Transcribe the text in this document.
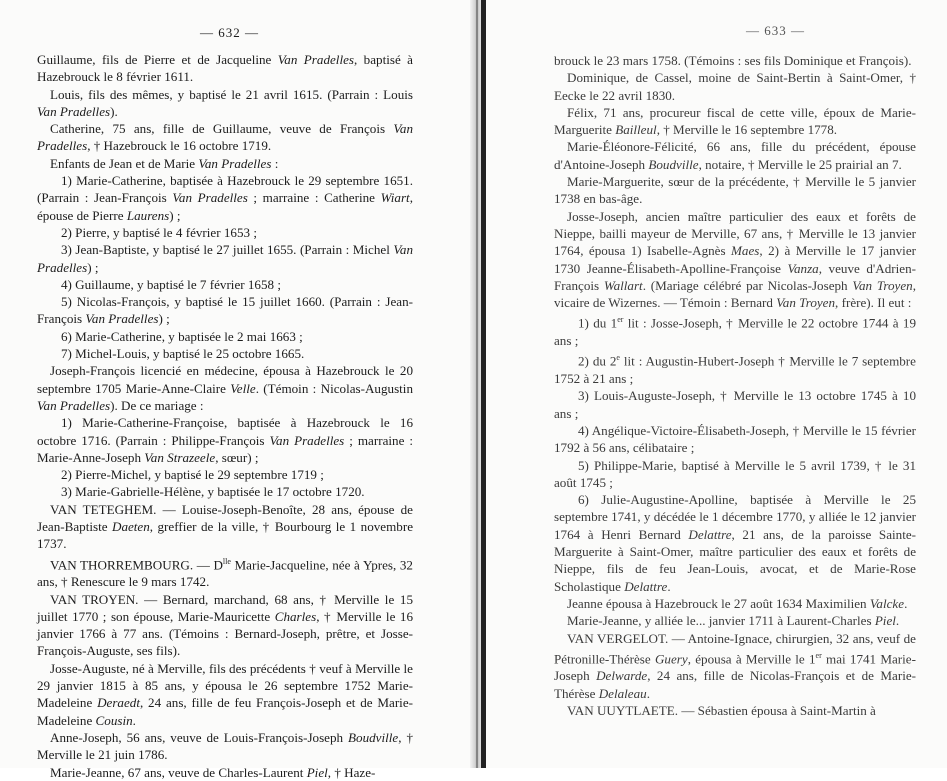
— 632 —

Guillaume, fils de Pierre et de Jacqueline Van Pradelles, baptisé à Hazebrouck le 8 février 1611.

Louis, fils des mêmes, y baptisé le 21 avril 1615. (Parrain : Louis Van Pradelles).

Catherine, 75 ans, fille de Guillaume, veuve de François Van Pradelles, † Hazebrouck le 16 octobre 1719.

Enfants de Jean et de Marie Van Pradelles :

1) Marie-Catherine, baptisée à Hazebrouck le 29 septembre 1651. (Parrain : Jean-François Van Pradelles ; marraine : Catherine Wiart, épouse de Pierre Laurens) ;

2) Pierre, y baptisé le 4 février 1653 ;

3) Jean-Baptiste, y baptisé le 27 juillet 1655. (Parrain : Michel Van Pradelles) ;

4) Guillaume, y baptisé le 7 février 1658 ;

5) Nicolas-François, y baptisé le 15 juillet 1660. (Parrain : Jean-François Van Pradelles) ;

6) Marie-Catherine, y baptisée le 2 mai 1663 ;

7) Michel-Louis, y baptisé le 25 octobre 1665.

Joseph-François licencié en médecine, épousa à Hazebrouck le 20 septembre 1705 Marie-Anne-Claire Velle. (Témoin : Nicolas-Augustin Van Pradelles). De ce mariage :

1) Marie-Catherine-Françoise, baptisée à Hazebrouck le 16 octobre 1716. (Parrain : Philippe-François Van Pradelles ; marraine : Marie-Anne-Joseph Van Strazeele, sœur) ;

2) Pierre-Michel, y baptisé le 29 septembre 1719 ;

3) Marie-Gabrielle-Hélène, y baptisée le 17 octobre 1720.

VAN TETEGHEM. — Louise-Joseph-Benoîte, 28 ans, épouse de Jean-Baptiste Daeten, greffier de la ville, † Bourbourg le 1 novembre 1737.

VAN THORREMBOURG. — $D^{lle}$ Marie-Jacqueline, née à Ypres, 32 ans, † Renescure le 9 mars 1742.

VAN TROYEN. — Bernard, marchand, 68 ans, † Merville le 15 juillet 1770 ; son épouse, Marie-Mauricette Charles, † Merville le 16 janvier 1766 à 77 ans. (Témoins : Bernard-Joseph, prêtre, et Josse-François-Auguste, ses fils).

Josse-Auguste, né à Merville, fils des précédents † veuf à Merville le 29 janvier 1815 à 85 ans, y épousa le 26 septembre 1752 Marie-Madeleine Deraedt, 24 ans, fille de feu François-Joseph et de Marie-Madeleine Cousin.

Anne-Joseph, 56 ans, veuve de Louis-François-Joseph Boudville, † Merville le 21 juin 1786.

Marie-Jeanne, 67 ans, veuve de Charles-Laurent Piel, † Haze-

— 633 —

brouck le 23 mars 1758. (Témoins : ses fils Dominique et François).

Dominique, de Cassel, moine de Saint-Bertin à Saint-Omer, † Eecke le 22 avril 1830.

Félix, 71 ans, procureur fiscal de cette ville, époux de Marie-Marguerite Bailleul, † Merville le 16 septembre 1778.

Marie-Éléonore-Félicité, 66 ans, fille du précédent, épouse d'Antoine-Joseph Boudville, notaire, † Merville le 25 prairial an 7.

Marie-Marguerite, sœur de la précédente, † Merville le 5 janvier 1738 en bas-âge.

Josse-Joseph, ancien maître particulier des eaux et forêts de Nieppe, bailli mayeur de Merville, 67 ans, † Merville le 13 janvier 1764, épousa 1) Isabelle-Agnès Maes, 2) à Merville le 17 janvier 1730 Jeanne-Élisabeth-Apolline-Françoise Vanza, veuve d'Adrien-François Wallart. (Mariage célébré par Nicolas-Joseph Van Troyen, vicaire de Wizernes. — Témoin : Bernard Van Troyen, frère). Il eut :

1) du 1er lit : Josse-Joseph, † Merville le 22 octobre 1744 à 19 ans ;

2) du 2e lit : Augustin-Hubert-Joseph † Merville le 7 septembre 1752 à 21 ans ;

3) Louis-Auguste-Joseph, † Merville le 13 octobre 1745 à 10 ans ;

4) Angélique-Victoire-Élisabeth-Joseph, † Merville le 15 février 1792 à 56 ans, célibataire ;

5) Philippe-Marie, baptisé à Merville le 5 avril 1739, † le 31 août 1745 ;

6) Julie-Augustine-Apolline, baptisée à Merville le 25 septembre 1741, y décédée le 1 décembre 1770, y alliée le 12 janvier 1764 à Henri Bernard Delattre, 21 ans, de la paroisse Sainte-Marguerite à Saint-Omer, maître particulier des eaux et forêts de Nieppe, fils de feu Jean-Louis, avocat, et de Marie-Rose Scholastique Delattre.

Jeanne épousa à Hazebrouck le 27 août 1634 Maximilien Valcke.

Marie-Jeanne, y alliée le... janvier 1711 à Laurent-Charles Piel.

VAN VERGELOT. — Antoine-Ignace, chirurgien, 32 ans, veuf de Pétronille-Thérèse Guery, épousa à Merville le 1er mai 1741 Marie-Joseph Delwarde, 24 ans, fille de Nicolas-François et de Marie-Thérèse Delaleau.

VAN UUYTLAETE. — Sébastien épousa à Saint-Martin à
